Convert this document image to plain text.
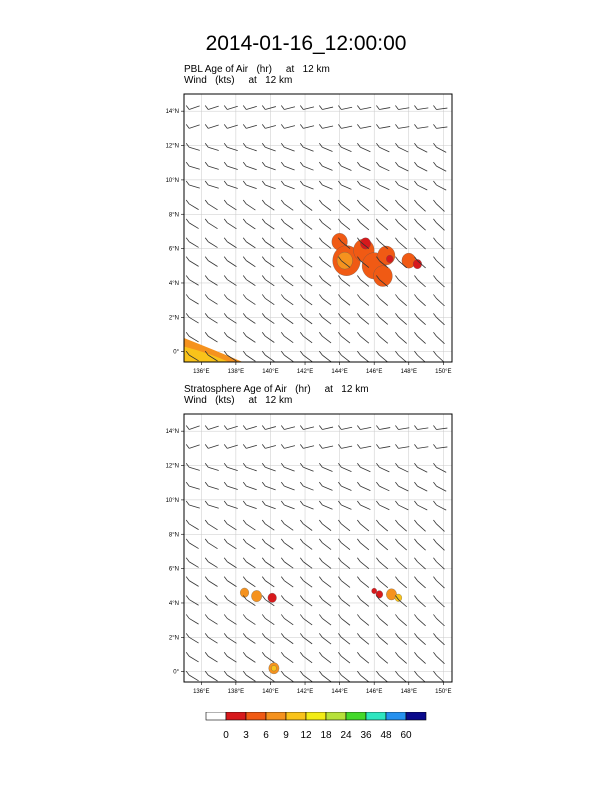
2014-01-16_12:00:00
PBL Age of Air   (hr)     at   12 km
Wind   (kts)     at   12 km
136°E	138°E	140°E	142°E	144°E	146°E	148°E	150°E
0°
2°N
4°N
6°N
8°N
10°N
12°N
14°N
Stratosphere Age of Air   (hr)     at   12 km
Wind   (kts)     at   12 km
136°E	138°E	140°E	142°E	144°E	146°E	148°E	150°E
0°
2°N
4°N
6°N
8°N
10°N
12°N
14°N
0 3 6 9 12 18 24 36 48 60
